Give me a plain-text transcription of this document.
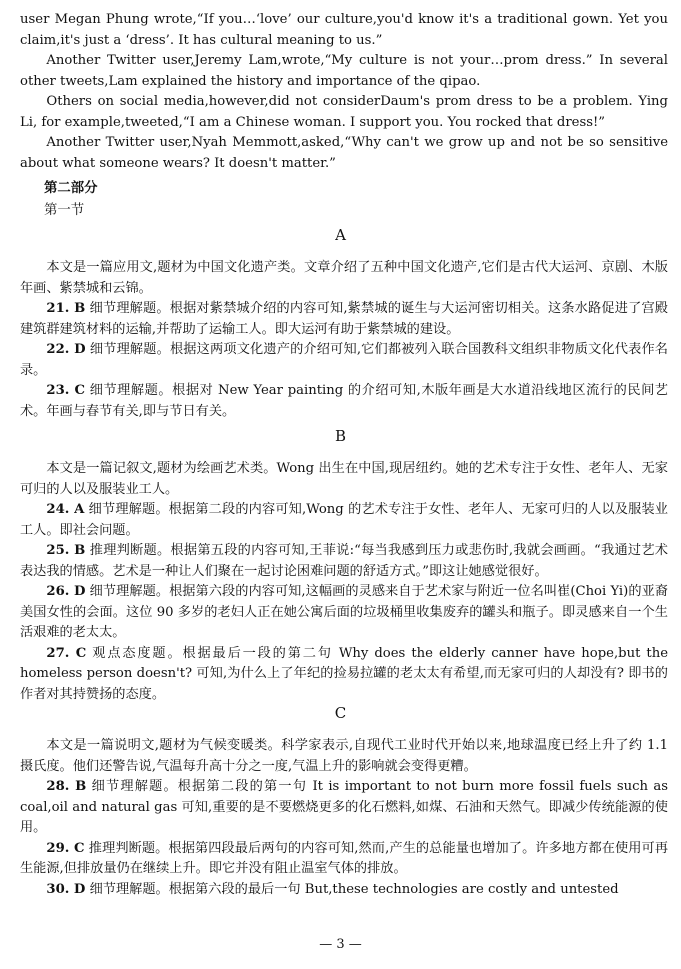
user Megan Phung wrote,“If you…‘love’ our culture,you'd know it's a traditional gown. Yet you claim,it's just a ‘dress’. It has cultural meaning to us.”

Another Twitter user,Jeremy Lam,wrote,“My culture is not your…prom dress.” In several other tweets,Lam explained the history and importance of the qipao.

Others on social media,however,did not considerDaum's prom dress to be a problem. Ying Li, for example,tweeted,“I am a Chinese woman. I support you. You rocked that dress!”

Another Twitter user,Nyah Memmott,asked,“Why can't we grow up and not be so sensitive about what someone wears? It doesn't matter.”

第二部分
第一节
A

本文是一篇应用文,题材为中国文化遗产类。文章介绍了五种中国文化遗产,它们是古代大运河、京剧、木版年画、紫禁城和云锦。

21. B 细节理解题。根据对紫禁城介绍的内容可知,紫禁城的诞生与大运河密切相关。这条水路促进了宫殿建筑群建筑材料的运输,并帮助了运输工人。即大运河有助于紫禁城的建设。

22. D 细节理解题。根据这两项文化遗产的介绍可知,它们都被列入联合国教科文组织非物质文化代表作名录。

23. C 细节理解题。根据对 New Year painting 的介绍可知,木版年画是大水道沿线地区流行的民间艺术。年画与春节有关,即与节日有关。

B

本文是一篇记叙文,题材为绘画艺术类。Wong 出生在中国,现居纽约。她的艺术专注于女性、老年人、无家可归的人以及服装业工人。

24. A 细节理解题。根据第二段的内容可知,Wong 的艺术专注于女性、老年人、无家可归的人以及服装业工人。即社会问题。

25. B 推理判断题。根据第五段的内容可知,王菲说:“每当我感到压力或悲伤时,我就会画画。“我通过艺术表达我的情感。艺术是一种让人们聚在一起讨论困难问题的舒适方式。”即这让她感觉很好。

26. D 细节理解题。根据第六段的内容可知,这幅画的灵感来自于艺术家与附近一位名叫崔(Choi Yi)的亚裔美国女性的会面。这位 90 多岁的老妇人正在她公寓后面的垃圾桶里收集废弃的罐头和瓶子。即灵感来自一个生活艰难的老太太。

27. C 观点态度题。根据最后一段的第二句 Why does the elderly canner have hope,but the homeless person doesn't? 可知,为什么上了年纪的捡易拉罐的老太太有希望,而无家可归的人却没有? 即书的作者对其持赞扬的态度。

C

本文是一篇说明文,题材为气候变暖类。科学家表示,自现代工业时代开始以来,地球温度已经上升了约 1.1 摄氏度。他们还警告说,气温每升高十分之一度,气温上升的影响就会变得更糟。

28. B 细节理解题。根据第二段的第一句 It is important to not burn more fossil fuels such as coal,oil and natural gas 可知,重要的是不要燃烧更多的化石燃料,如煤、石油和天然气。即减少传统能源的使用。

29. C 推理判断题。根据第四段最后两句的内容可知,然而,产生的总能量也增加了。许多地方都在使用可再生能源,但排放量仍在继续上升。即它并没有阻止温室气体的排放。

30. D 细节理解题。根据第六段的最后一句 But,these technologies are costly and untested

— 3 —
